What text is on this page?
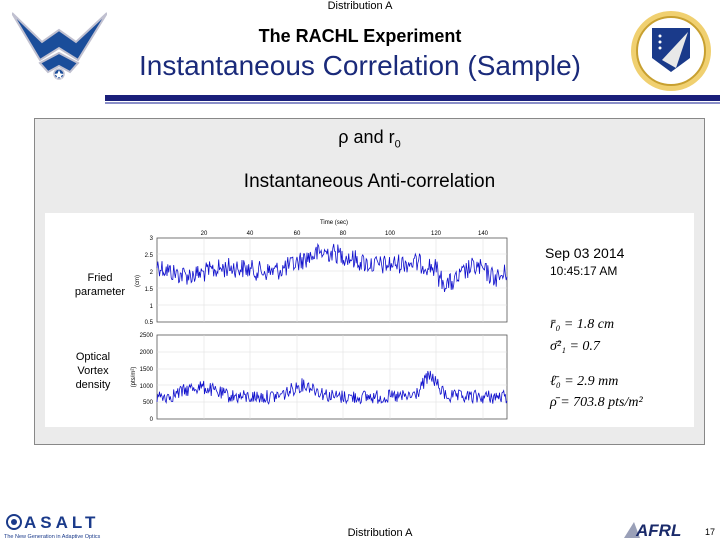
Distribution A
The RACHL Experiment
Instantaneous Correlation (Sample)
ρ and $r_0$
Instantaneous Anti-correlation
Fried parameter
Optical Vortex density
Time (sec)
20	40	60	80	100	120	140
3
2.5
2
1.5
1
0.5
(cm)
2500
2000
1500
1000
500
0
(pts/m²)
Sep 03 2014
10:45:17 AM
r̄₀ = 1.8 cm
σ̄²₁ = 0.7
ℓ̄₀ = 2.9 mm
ρ̄ = 703.8 pts/m²
ASALT
The New Generation in Adaptive Optics	Distribution A	AFRL	17
